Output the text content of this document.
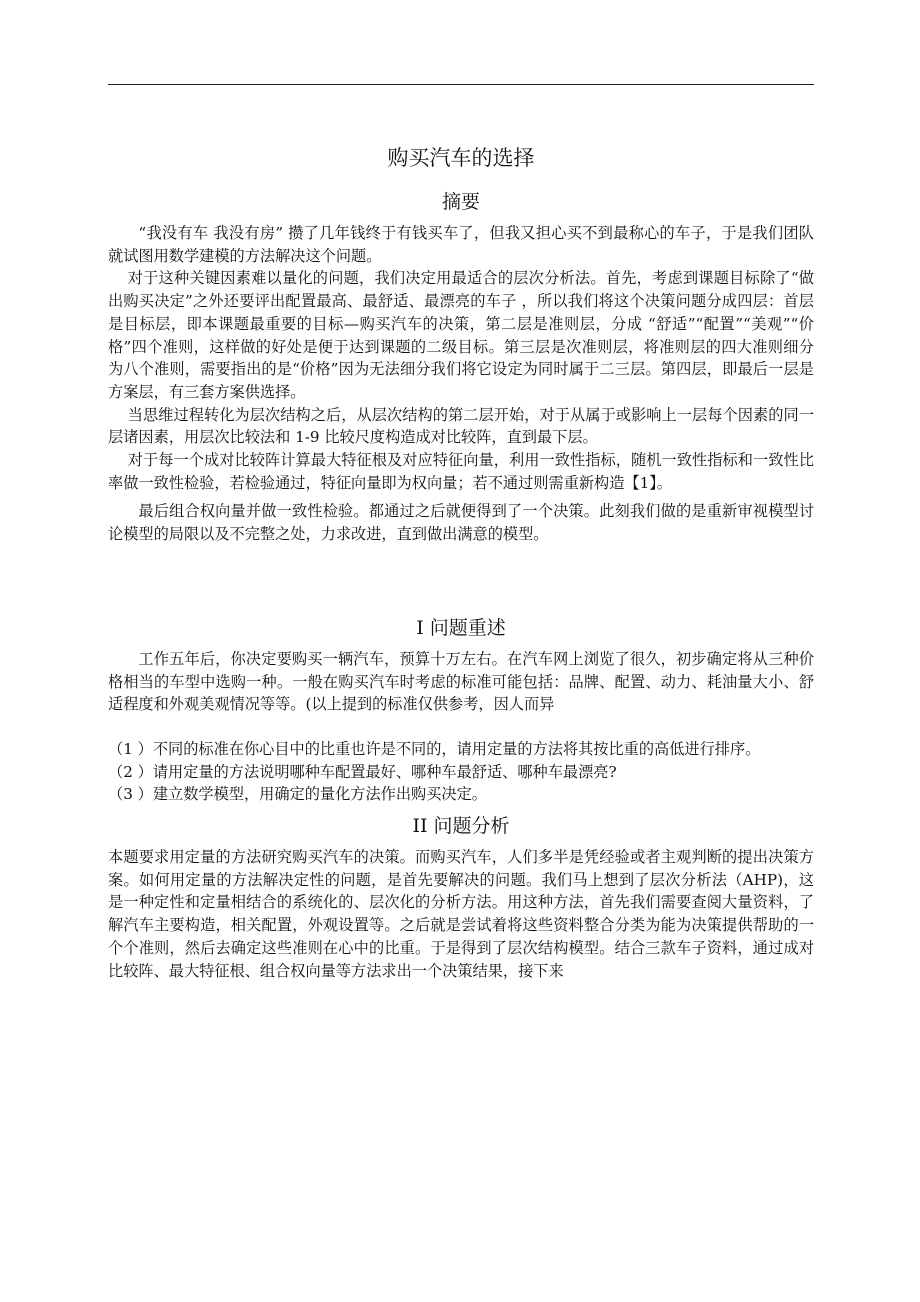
购买汽车的选择
摘要

“我没有车 我没有房” 攒了几年钱终于有钱买车了，但我又担心买不到最称心的车子，于是我们团队就试图用数学建模的方法解决这个问题。

对于这种关键因素难以量化的问题，我们决定用最适合的层次分析法。首先，考虑到课题目标除了“做出购买决定”之外还要评出配置最高、最舒适、最漂亮的车子 ，所以我们将这个决策问题分成四层：首层是目标层，即本课题最重要的目标—购买汽车的决策，第二层是准则层，分成 “舒适”“配置”“美观”“价格”四个准则，这样做的好处是便于达到课题的二级目标。第三层是次准则层，将准则层的四大准则细分为八个准则，需要指出的是“价格”因为无法细分我们将它设定为同时属于二三层。第四层，即最后一层是方案层，有三套方案供选择。

当思维过程转化为层次结构之后，从层次结构的第二层开始，对于从属于或影响上一层每个因素的同一层诸因素，用层次比较法和 1-9 比较尺度构造成对比较阵，直到最下层。

对于每一个成对比较阵计算最大特征根及对应特征向量，利用一致性指标，随机一致性指标和一致性比率做一致性检验，若检验通过，特征向量即为权向量；若不通过则需重新构造【1】。

最后组合权向量并做一致性检验。都通过之后就便得到了一个决策。此刻我们做的是重新审视模型讨论模型的局限以及不完整之处，力求改进，直到做出满意的模型。

I 问题重述

工作五年后，你决定要购买一辆汽车，预算十万左右。在汽车网上浏览了很久，初步确定将从三种价格相当的车型中选购一种。一般在购买汽车时考虑的标准可能包括：品牌、配置、动力、耗油量大小、舒适程度和外观美观情况等等。(以上提到的标准仅供参考，因人而异

（1 ）不同的标准在你心目中的比重也许是不同的，请用定量的方法将其按比重的高低进行排序。

（2 ）请用定量的方法说明哪种车配置最好、哪种车最舒适、哪种车最漂亮?

（3 ）建立数学模型，用确定的量化方法作出购买决定。

II 问题分析

本题要求用定量的方法研究购买汽车的决策。而购买汽车，人们多半是凭经验或者主观判断的提出决策方案。如何用定量的方法解决定性的问题，是首先要解决的问题。我们马上想到了层次分析法（AHP)，这是一种定性和定量相结合的系统化的、层次化的分析方法。用这种方法，首先我们需要查阅大量资料，了解汽车主要构造，相关配置，外观设置等。之后就是尝试着将这些资料整合分类为能为决策提供帮助的一个个准则，然后去确定这些准则在心中的比重。于是得到了层次结构模型。结合三款车子资料，通过成对比较阵、最大特征根、组合权向量等方法求出一个决策结果，接下来
